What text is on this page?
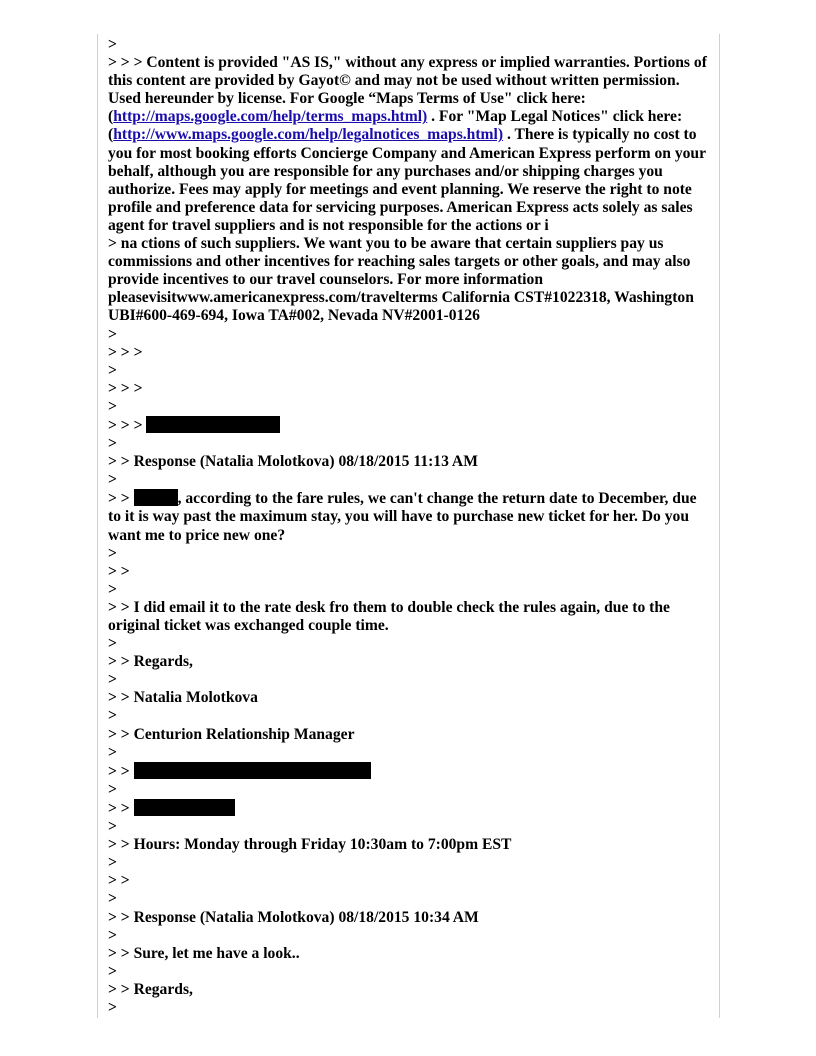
>
> > > Content is provided "AS IS," without any express or implied warranties. Portions of this content are provided by Gayot© and may not be used without written permission. Used hereunder by license. For Google “Maps Terms of Use" click here: (http://maps.google.com/help/terms_maps.html) . For "Map Legal Notices" click here: (http://www.maps.google.com/help/legalnotices_maps.html) . There is typically no cost to you for most booking efforts Concierge Company and American Express perform on your behalf, although you are responsible for any purchases and/or shipping charges you authorize. Fees may apply for meetings and event planning. We reserve the right to note profile and preference data for servicing purposes. American Express acts solely as sales agent for travel suppliers and is not responsible for the actions or i
> na ctions of such suppliers. We want you to be aware that certain suppliers pay us commissions and other incentives for reaching sales targets or other goals, and may also provide incentives to our travel counselors. For more information pleasevisitwww.americanexpress.com/travelterms California CST#1022318, Washington UBI#600-469-694, Iowa TA#002, Nevada NV#2001-0126
>
> > >
>
> > >
>
> > >
>
> > Response (Natalia Molotkova) 08/18/2015 11:13 AM
>
> >	, according to the fare rules, we can't change the return date to December, due to it is way past the maximum stay, you will have to purchase new ticket for her. Do you want me to price new one?
>
> >
>
> > I did email it to the rate desk fro them to double check the rules again, due to the original ticket was exchanged couple time.
>
> > Regards,
>
> > Natalia Molotkova
>
> > Centurion Relationship Manager
>
> >
>
> >
>
> > Hours: Monday through Friday 10:30am to 7:00pm EST
>
> >
>
> > Response (Natalia Molotkova) 08/18/2015 10:34 AM
>
> > Sure, let me have a look..
>
> > Regards,
>
